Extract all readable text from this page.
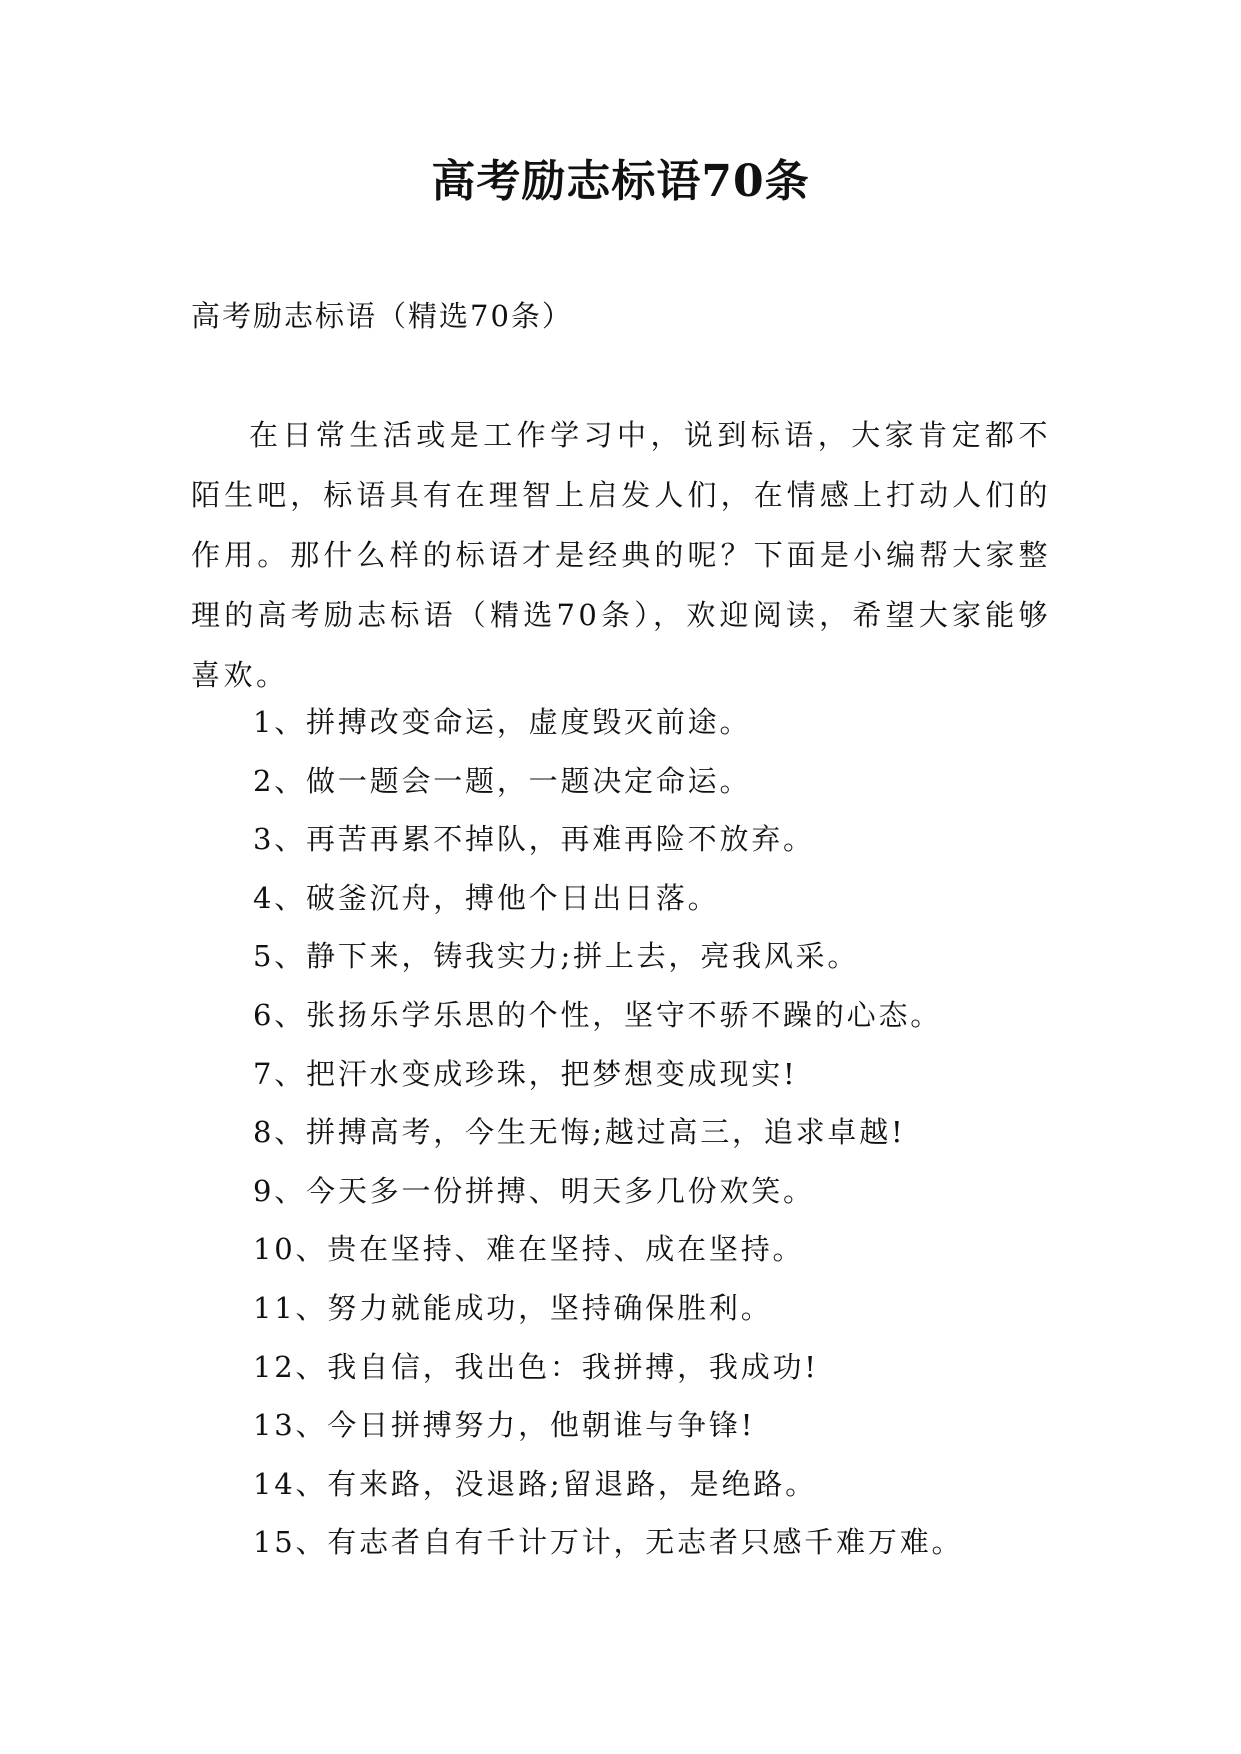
高考励志标语70条

高考励志标语（精选70条）

在日常生活或是工作学习中，说到标语，大家肯定都不陌生吧，标语具有在理智上启发人们，在情感上打动人们的作用。那什么样的标语才是经典的呢？下面是小编帮大家整理的高考励志标语（精选70条），欢迎阅读，希望大家能够喜欢。

1、拼搏改变命运，虚度毁灭前途。
2、做一题会一题，一题决定命运。
3、再苦再累不掉队，再难再险不放弃。
4、破釜沉舟，搏他个日出日落。
5、静下来，铸我实力;拼上去，亮我风采。
6、张扬乐学乐思的个性，坚守不骄不躁的心态。
7、把汗水变成珍珠，把梦想变成现实!
8、拼搏高考，今生无悔;越过高三，追求卓越!
9、今天多一份拼搏、明天多几份欢笑。
10、贵在坚持、难在坚持、成在坚持。
11、努力就能成功，坚持确保胜利。
12、我自信，我出色：我拼搏，我成功!
13、今日拼搏努力，他朝谁与争锋!
14、有来路，没退路;留退路，是绝路。
15、有志者自有千计万计，无志者只感千难万难。
